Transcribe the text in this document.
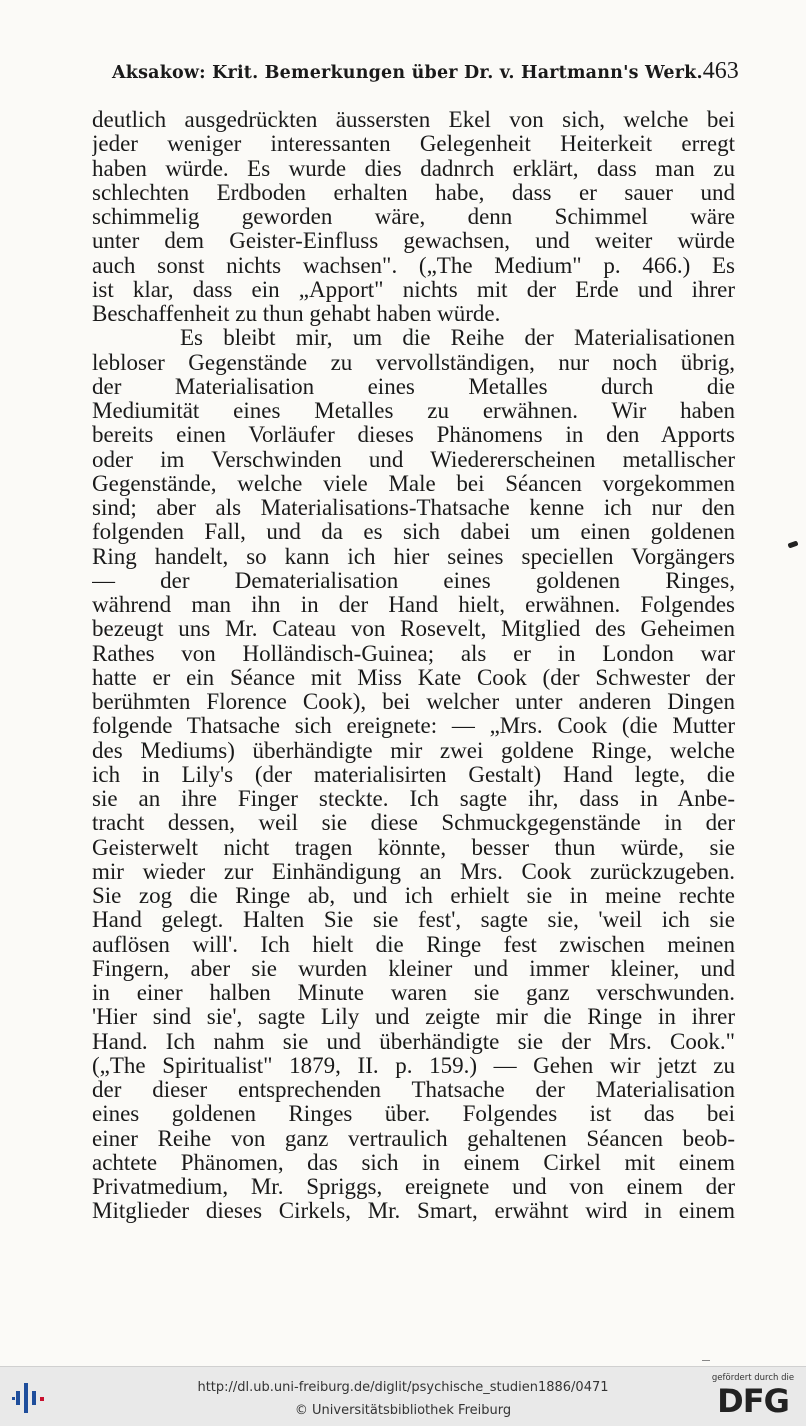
Aksakow: Krit. Bemerkungen über Dr. v. Hartmann's Werk. 463
deutlich ausgedrückten äussersten Ekel von sich, welche bei
jeder weniger interessanten Gelegenheit Heiterkeit erregt
haben würde. Es wurde dies dadnrch erklärt, dass man zu
schlechten Erdboden erhalten habe, dass er sauer und
schimmelig geworden wäre, denn Schimmel wäre
unter dem Geister-Einfluss gewachsen, und weiter würde
auch sonst nichts wachsen". („The Medium" p. 466.) Es
ist klar, dass ein „Apport" nichts mit der Erde und ihrer
Beschaffenheit zu thun gehabt haben würde.
Es bleibt mir, um die Reihe der Materialisationen
lebloser Gegenstände zu vervollständigen, nur noch übrig,
der Materialisation eines Metalles durch die
Mediumität eines Metalles zu erwähnen. Wir haben
bereits einen Vorläufer dieses Phänomens in den Apports
oder im Verschwinden und Wiedererscheinen metallischer
Gegenstände, welche viele Male bei Séancen vorgekommen
sind; aber als Materialisations-Thatsache kenne ich nur den
folgenden Fall, und da es sich dabei um einen goldenen
Ring handelt, so kann ich hier seines speciellen Vorgängers
— der Dematerialisation eines goldenen Ringes,
während man ihn in der Hand hielt, erwähnen. Folgendes
bezeugt uns Mr. Cateau von Rosevelt, Mitglied des Geheimen
Rathes von Holländisch-Guinea; als er in London war
hatte er ein Séance mit Miss Kate Cook (der Schwester der
berühmten Florence Cook), bei welcher unter anderen Dingen
folgende Thatsache sich ereignete: — „Mrs. Cook (die Mutter
des Mediums) überhändigte mir zwei goldene Ringe, welche
ich in Lily's (der materialisirten Gestalt) Hand legte, die
sie an ihre Finger steckte. Ich sagte ihr, dass in Anbe-
tracht dessen, weil sie diese Schmuckgegenstände in der
Geisterwelt nicht tragen könnte, besser thun würde, sie
mir wieder zur Einhändigung an Mrs. Cook zurückzugeben.
Sie zog die Ringe ab, und ich erhielt sie in meine rechte
Hand gelegt. Halten Sie sie fest', sagte sie, 'weil ich sie
auflösen will'. Ich hielt die Ringe fest zwischen meinen
Fingern, aber sie wurden kleiner und immer kleiner, und
in einer halben Minute waren sie ganz verschwunden.
'Hier sind sie', sagte Lily und zeigte mir die Ringe in ihrer
Hand. Ich nahm sie und überhändigte sie der Mrs. Cook."
(„The Spiritualist" 1879, II. p. 159.) — Gehen wir jetzt zu
der dieser entsprechenden Thatsache der Materialisation
eines goldenen Ringes über. Folgendes ist das bei
einer Reihe von ganz vertraulich gehaltenen Séancen beob-
achtete Phänomen, das sich in einem Cirkel mit einem
Privatmedium, Mr. Spriggs, ereignete und von einem der
Mitglieder dieses Cirkels, Mr. Smart, erwähnt wird in einem
http://dl.ub.uni-freiburg.de/diglit/psychische_studien1886/0471
© Universitätsbibliothek Freiburg
gefördert durch die
DFG
